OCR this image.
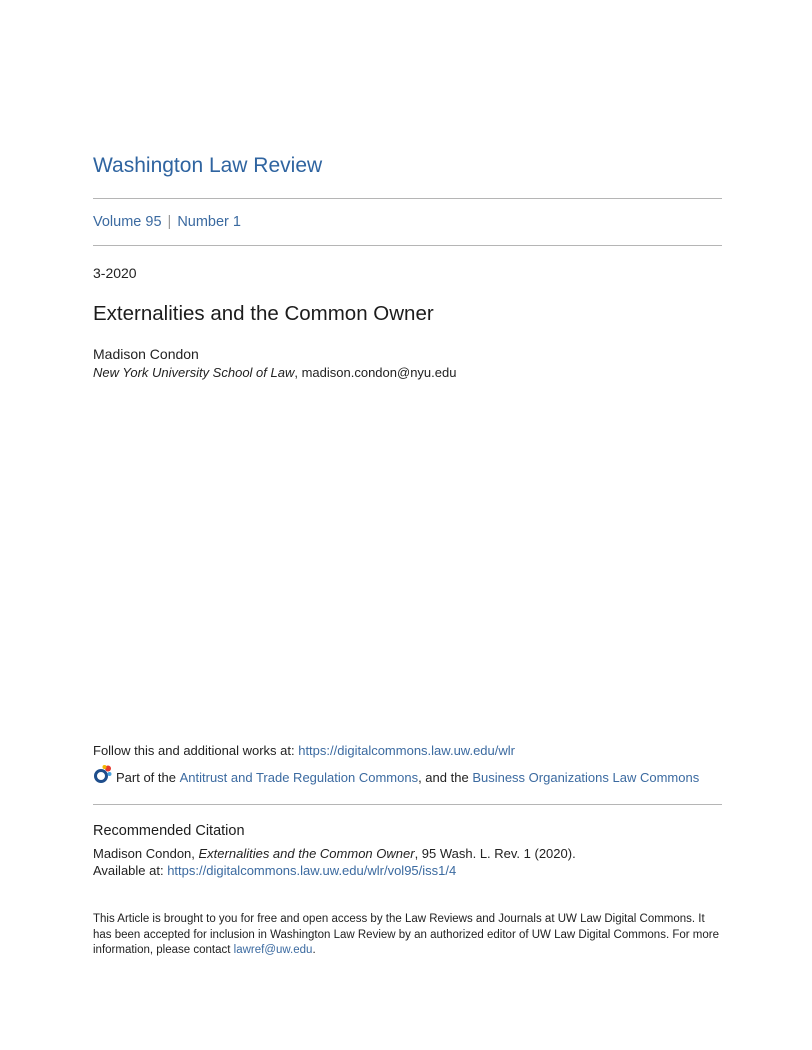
Washington Law Review
Volume 95 | Number 1
3-2020
Externalities and the Common Owner
Madison Condon
New York University School of Law, madison.condon@nyu.edu
Follow this and additional works at: https://digitalcommons.law.uw.edu/wlr
Part of the
Antitrust and Trade Regulation Commons , and the
Business Organizations Law Commons
Recommended Citation
Madison Condon, Externalities and the Common Owner, 95 Wash. L. Rev. 1 (2020).
Available at: https://digitalcommons.law.uw.edu/wlr/vol95/iss1/4
This Article is brought to you for free and open access by the Law Reviews and Journals at UW Law Digital Commons. It has been accepted for inclusion in Washington Law Review by an authorized editor of UW Law Digital Commons. For more information, please contact lawref@uw.edu.
